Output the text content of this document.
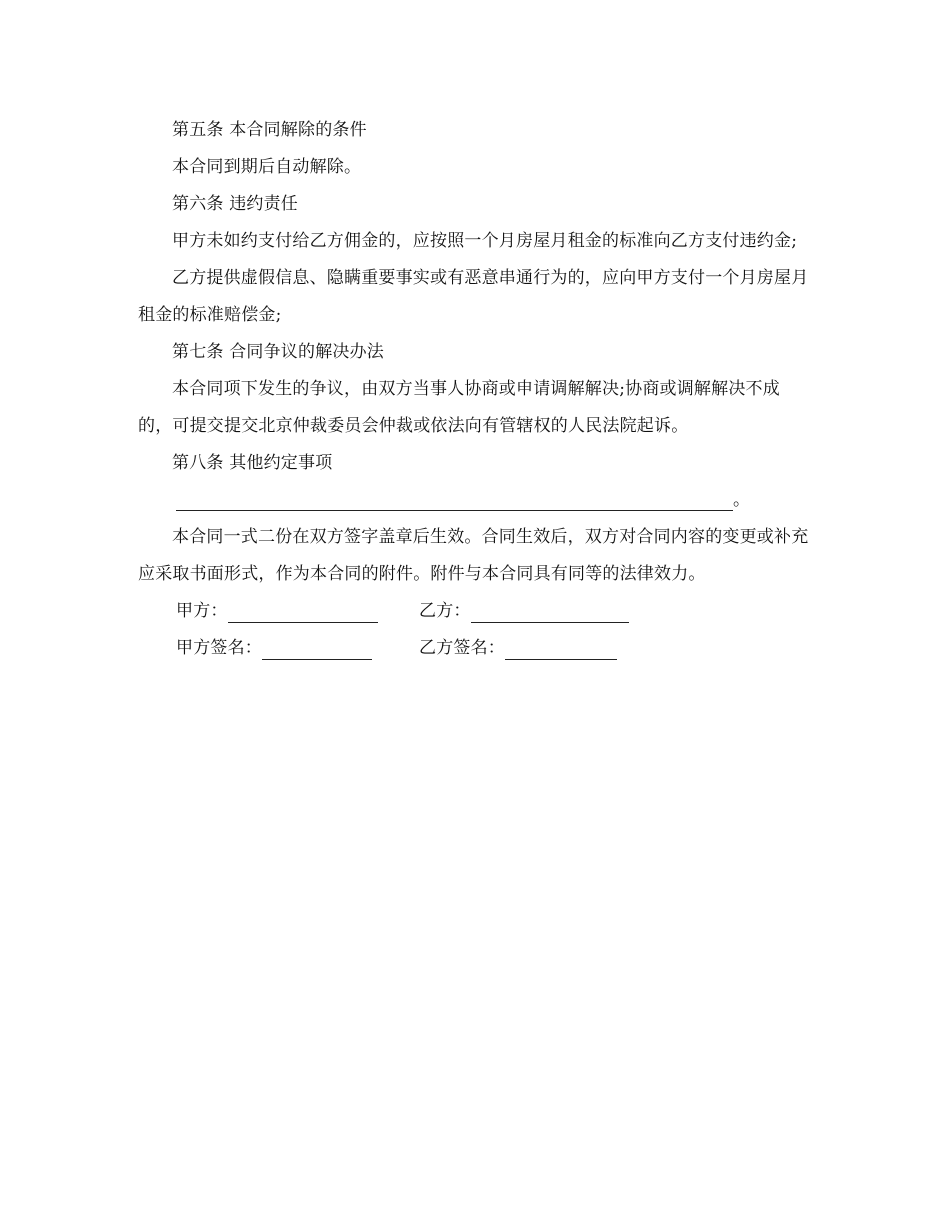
第五条 本合同解除的条件

本合同到期后自动解除。

第六条 违约责任

甲方未如约支付给乙方佣金的，应按照一个月房屋月租金的标准向乙方支付违约金;

乙方提供虚假信息、隐瞒重要事实或有恶意串通行为的，应向甲方支付一个月房屋月租金的标准赔偿金;

第七条 合同争议的解决办法

本合同项下发生的争议，由双方当事人协商或申请调解解决;协商或调解解决不成的，可提交提交北京仲裁委员会仲裁或依法向有管辖权的人民法院起诉。

第八条 其他约定事项

。

本合同一式二份在双方签字盖章后生效。合同生效后，双方对合同内容的变更或补充应采取书面形式，作为本合同的附件。附件与本合同具有同等的法律效力。

甲方：	乙方：
甲方签名：	乙方签名：
